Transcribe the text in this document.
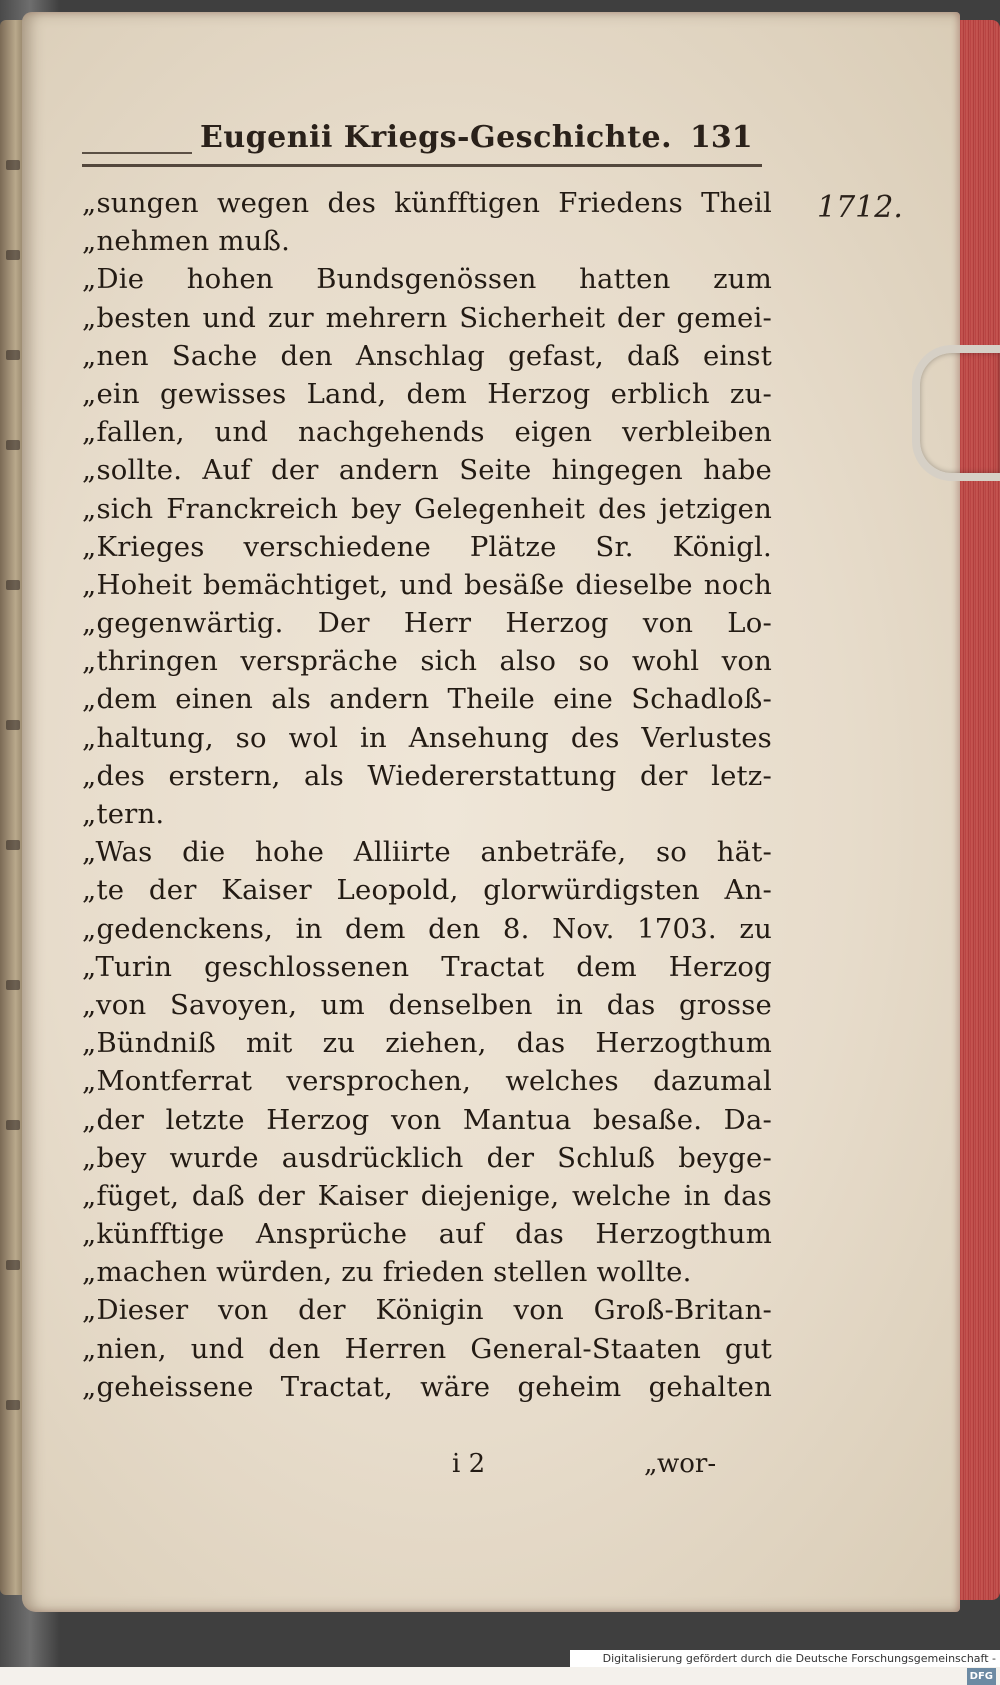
Eugenii Kriegs-Geschichte. 131
1712.
„sungen wegen des künfftigen Friedens Theil
„nehmen muß.
„Die hohen Bundsgenössen hatten zum
„besten und zur mehrern Sicherheit der gemei-
„nen Sache den Anschlag gefast, daß einst
„ein gewisses Land, dem Herzog erblich zu-
„fallen, und nachgehends eigen verbleiben
„sollte. Auf der andern Seite hingegen habe
„sich Franckreich bey Gelegenheit des jetzigen
„Krieges verschiedene Plätze Sr. Königl.
„Hoheit bemächtiget, und besäße dieselbe noch
„gegenwärtig. Der Herr Herzog von Lo-
„thringen verspräche sich also so wohl von
„dem einen als andern Theile eine Schadloß-
„haltung, so wol in Ansehung des Verlustes
„des erstern, als Wiedererstattung der letz-
„tern.
„Was die hohe Alliirte anbeträfe, so hät-
„te der Kaiser Leopold, glorwürdigsten An-
„gedenckens, in dem den 8. Nov. 1703. zu
„Turin geschlossenen Tractat dem Herzog
„von Savoyen, um denselben in das grosse
„Bündniß mit zu ziehen, das Herzogthum
„Montferrat versprochen, welches dazumal
„der letzte Herzog von Mantua besaße. Da-
„bey wurde ausdrücklich der Schluß beyge-
„füget, daß der Kaiser diejenige, welche in das
„künfftige Ansprüche auf das Herzogthum
„machen würden, zu frieden stellen wollte.
„Dieser von der Königin von Groß-Britan-
„nien, und den Herren General-Staaten gut
„geheissene Tractat, wäre geheim gehalten
i 2	„wor-
Digitalisierung gefördert durch die Deutsche Forschungsgemeinschaft -DFG
